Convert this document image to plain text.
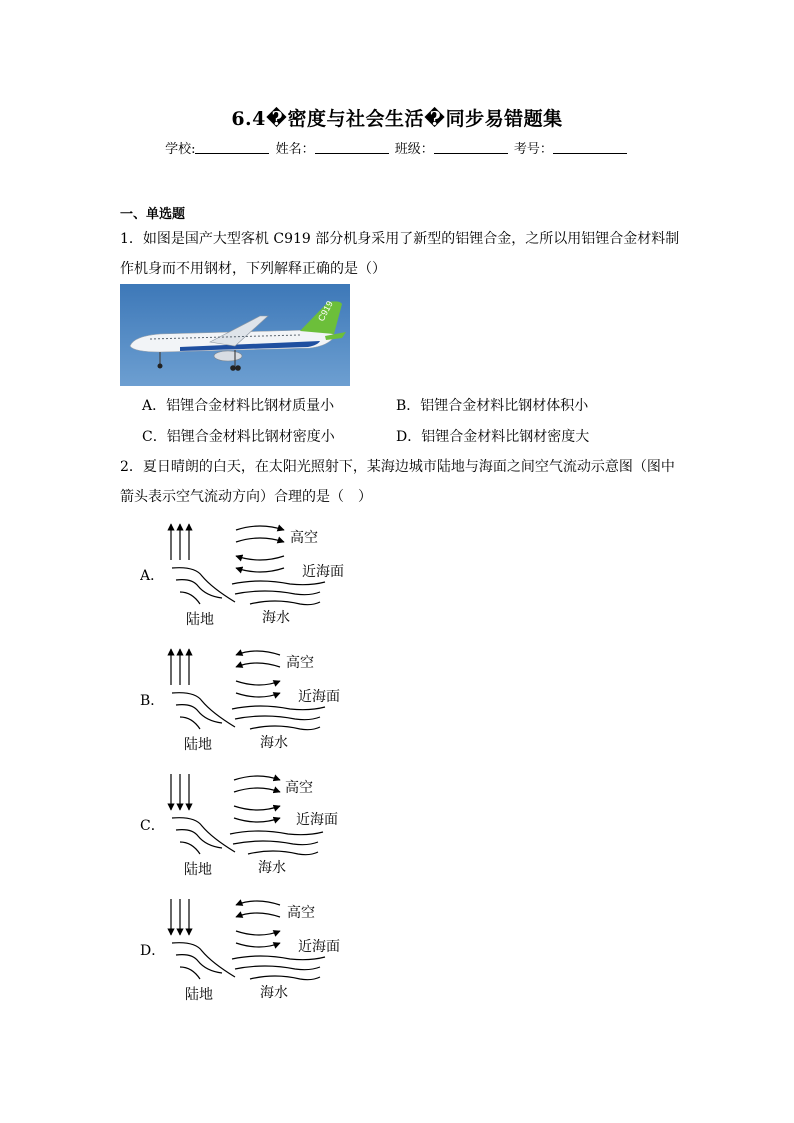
6.4�密度与社会生活�同步易错题集
学校:	姓名：	班级：	考号：
一、单选题
1．如图是国产大型客机 C919 部分机身采用了新型的铝锂合金，之所以用铝锂合金材料制
作机身而不用钢材，下列解释正确的是（）
C919
A．铝锂合金材料比钢材质量小	B．铝锂合金材料比钢材体积小
C．铝锂合金材料比钢材密度小	D．铝锂合金材料比钢材密度大
2．夏日晴朗的白天，在太阳光照射下，某海边城市陆地与海面之间空气流动示意图（图中
箭头表示空气流动方向）合理的是（　）
A．
高空
近海面
陆地	海水
B．
高空
近海面
陆地	海水
C．
高空
近海面
陆地	海水
D．
高空
近海面
陆地	海水
